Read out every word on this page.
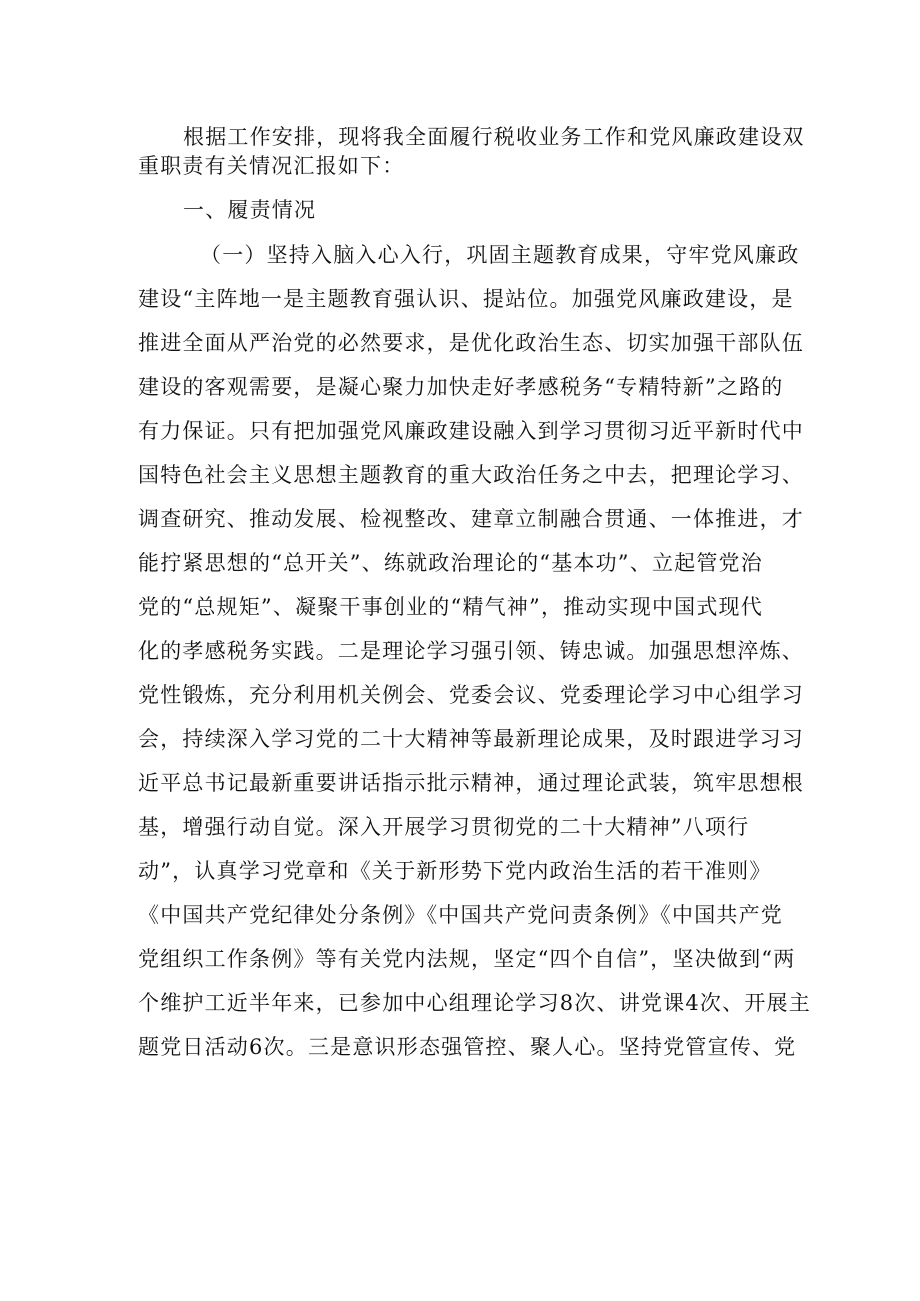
根据工作安排，现将我全面履行税收业务工作和党风廉政建设双
重职责有关情况汇报如下：
一、履责情况
（一）坚持入脑入心入行，巩固主题教育成果，守牢党风廉政
建设“主阵地一是主题教育强认识、提站位。加强党风廉政建设，是
推进全面从严治党的必然要求，是优化政治生态、切实加强干部队伍
建设的客观需要，是凝心聚力加快走好孝感税务“专精特新”之路的
有力保证。只有把加强党风廉政建设融入到学习贯彻习近平新时代中
国特色社会主义思想主题教育的重大政治任务之中去，把理论学习、
调查研究、推动发展、检视整改、建章立制融合贯通、一体推进，才
能拧紧思想的“总开关”、练就政治理论的“基本功”、立起管党治
党的“总规矩”、凝聚干事创业的“精气神”，推动实现中国式现代
化的孝感税务实践。二是理论学习强引领、铸忠诚。加强思想淬炼、
党性锻炼，充分利用机关例会、党委会议、党委理论学习中心组学习
会，持续深入学习党的二十大精神等最新理论成果，及时跟进学习习
近平总书记最新重要讲话指示批示精神，通过理论武装，筑牢思想根
基，增强行动自觉。深入开展学习贯彻党的二十大精神”八项行
动”，认真学习党章和《关于新形势下党内政治生活的若干准则》
《中国共产党纪律处分条例》《中国共产党问责条例》《中国共产党
党组织工作条例》等有关党内法规，坚定“四个自信”，坚决做到“两
个维护工近半年来，已参加中心组理论学习8次、讲党课4次、开展主
题党日活动6次。三是意识形态强管控、聚人心。坚持党管宣传、党
